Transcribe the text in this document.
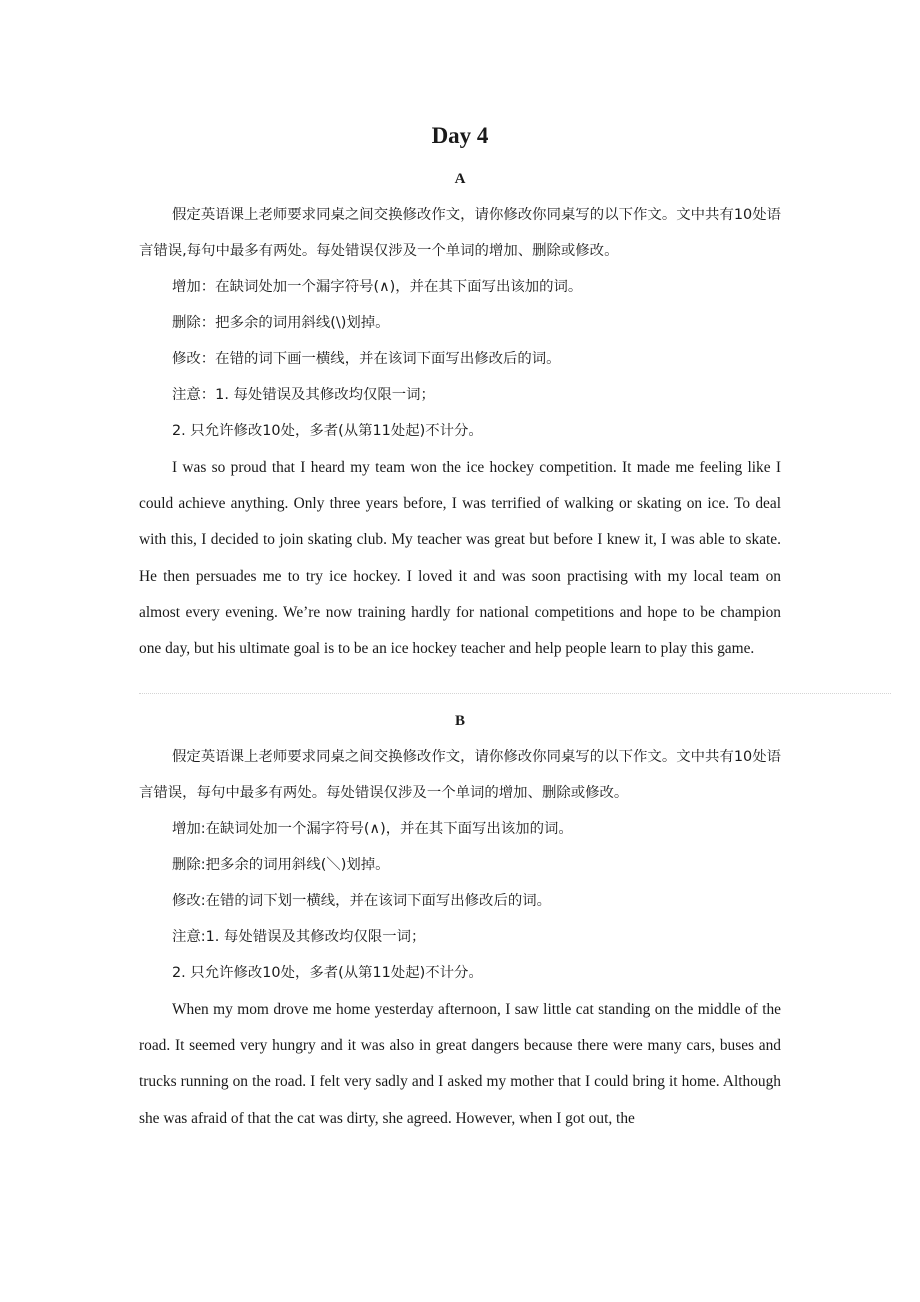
Day 4
A

假定英语课上老师要求同桌之间交换修改作文，请你修改你同桌写的以下作文。文中共有10处语言错误,每句中最多有两处。每处错误仅涉及一个单词的增加、删除或修改。

增加：在缺词处加一个漏字符号(∧)，并在其下面写出该加的词。

删除：把多余的词用斜线(\)划掉。

修改：在错的词下画一横线，并在该词下面写出修改后的词。

注意：1. 每处错误及其修改均仅限一词；

2. 只允许修改10处，多者(从第11处起)不计分。

I was so proud that I heard my team won the ice hockey competition. It made me feeling like I could achieve anything. Only three years before, I was terrified of walking or skating on ice. To deal with this, I decided to join skating club. My teacher was great but before I knew it, I was able to skate. He then persuades me to try ice hockey. I loved it and was soon practising with my local team on almost every evening. We’re now training hardly for national competitions and hope to be champion one day, but his ultimate goal is to be an ice hockey teacher and help people learn to play this game.

B

假定英语课上老师要求同桌之间交换修改作文，请你修改你同桌写的以下作文。文中共有10处语言错误，每句中最多有两处。每处错误仅涉及一个单词的增加、删除或修改。

增加:在缺词处加一个漏字符号(∧)，并在其下面写出该加的词。

删除:把多余的词用斜线(＼)划掉。

修改:在错的词下划一横线，并在该词下面写出修改后的词。

注意:1. 每处错误及其修改均仅限一词；

2. 只允许修改10处，多者(从第11处起)不计分。

When my mom drove me home yesterday afternoon, I saw little cat standing on the middle of the road. It seemed very hungry and it was also in great dangers because there were many cars, buses and trucks running on the road. I felt very sadly and I asked my mother that I could bring it home. Although she was afraid of that the cat was dirty, she agreed. However, when I got out, the
